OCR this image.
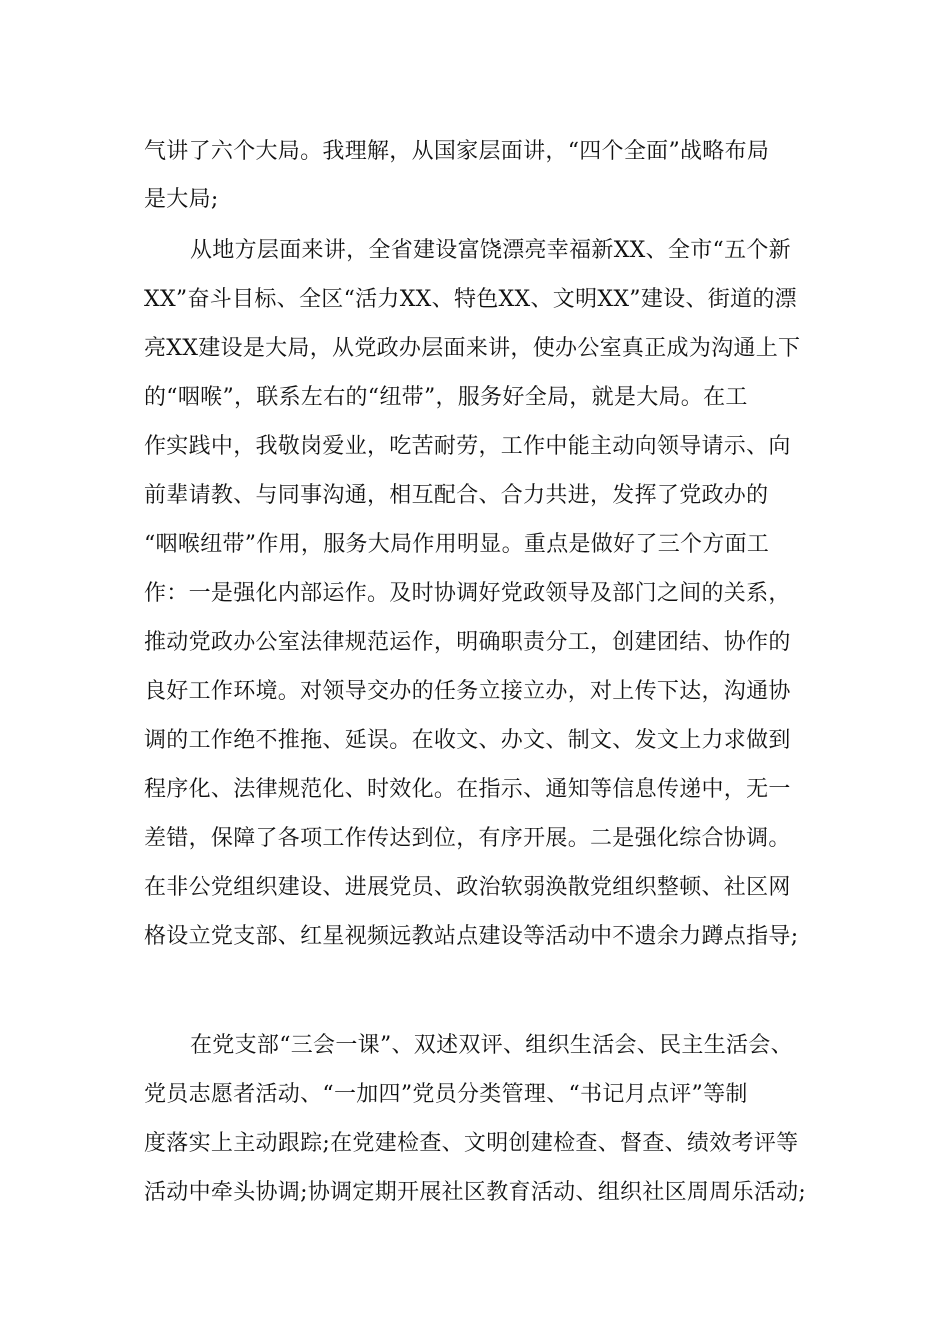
气讲了六个大局。我理解，从国家层面讲，“四个全面”战略布局
是大局;
从地方层面来讲，全省建设富饶漂亮幸福新XX、全市“五个新
XX”奋斗目标、全区“活力XX、特色XX、文明XX”建设、街道的漂
亮XX建设是大局，从党政办层面来讲，使办公室真正成为沟通上下
的“咽喉”，联系左右的“纽带”，服务好全局，就是大局。在工
作实践中，我敬岗爱业，吃苦耐劳，工作中能主动向领导请示、向
前辈请教、与同事沟通，相互配合、合力共进，发挥了党政办的
“咽喉纽带”作用，服务大局作用明显。重点是做好了三个方面工
作：一是强化内部运作。及时协调好党政领导及部门之间的关系，
推动党政办公室法律规范运作，明确职责分工，创建团结、协作的
良好工作环境。对领导交办的任务立接立办，对上传下达，沟通协
调的工作绝不推拖、延误。在收文、办文、制文、发文上力求做到
程序化、法律规范化、时效化。在指示、通知等信息传递中，无一
差错，保障了各项工作传达到位，有序开展。二是强化综合协调。
在非公党组织建设、进展党员、政治软弱涣散党组织整顿、社区网
格设立党支部、红星视频远教站点建设等活动中不遗余力蹲点指导;
在党支部“三会一课”、双述双评、组织生活会、民主生活会、
党员志愿者活动、“一加四”党员分类管理、“书记月点评”等制
度落实上主动跟踪;在党建检查、文明创建检查、督查、绩效考评等
活动中牵头协调;协调定期开展社区教育活动、组织社区周周乐活动;
